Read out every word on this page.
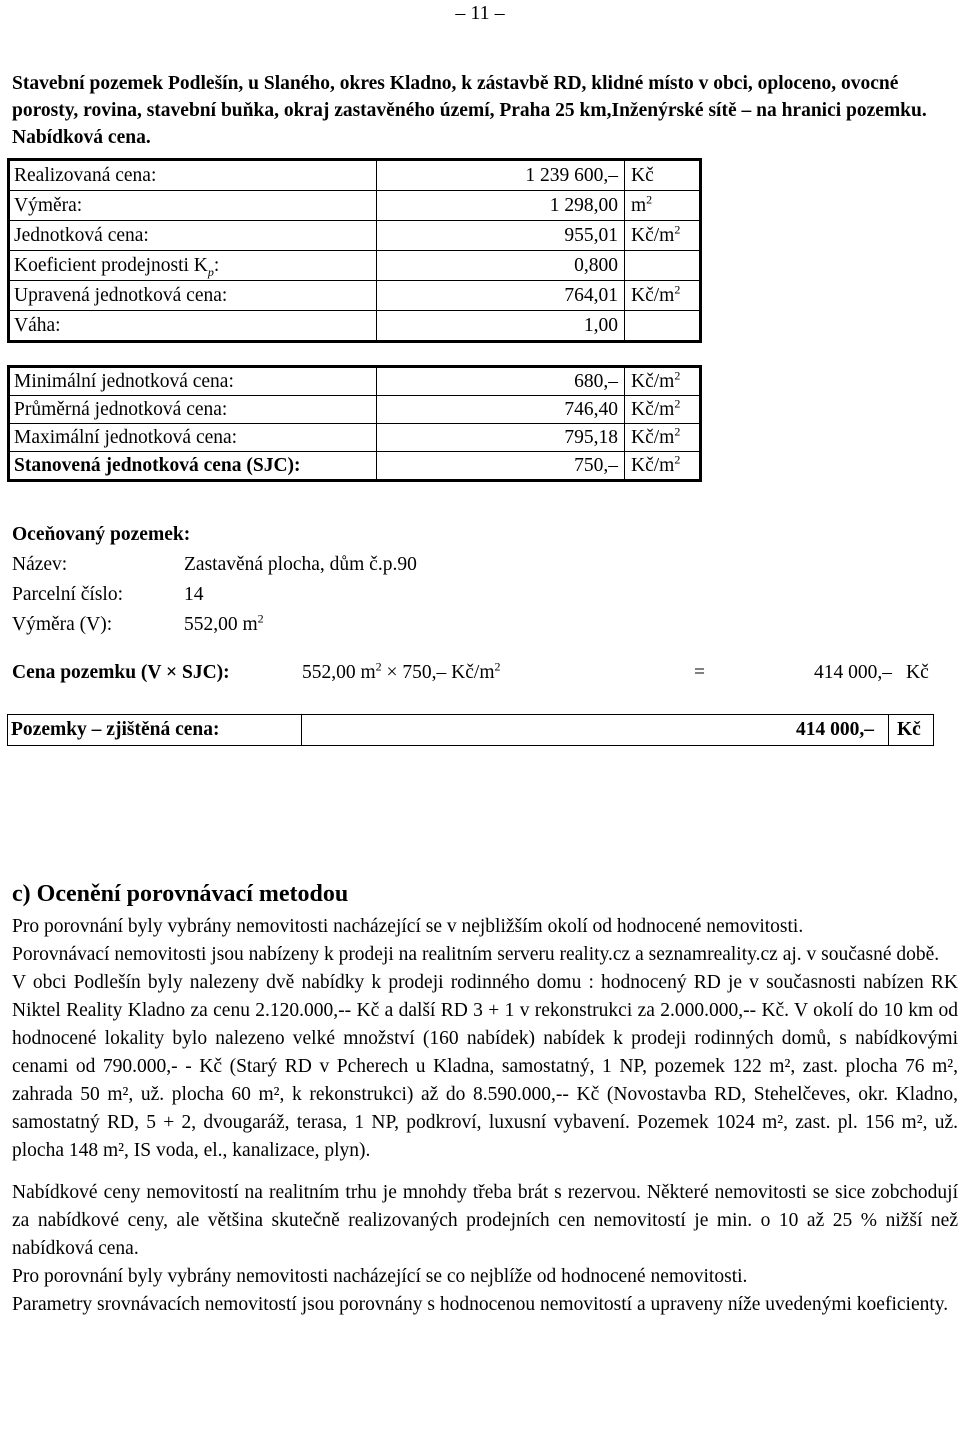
– 11 –
Stavební pozemek Podlešín, u Slaného, okres Kladno, k zástavbě RD, klidné místo v obci, oploceno, ovocné porosty, rovina, stavební buňka, okraj zastavěného území, Praha 25 km,Inženýrské sítě – na hranici pozemku. Nabídková cena.
Realizovaná cena:	1 239 600,–	Kč
Výměra:	1 298,00	$m^2$
Jednotková cena:	955,01	$Kč/m^2$
Koeficient prodejnosti $K_p$:	0,800	
Upravená jednotková cena:	764,01	$Kč/m^2$
Váha:	1,00	
Minimální jednotková cena:	680,–	$Kč/m^2$
Průměrná jednotková cena:	746,40	$Kč/m^2$
Maximální jednotková cena:	795,18	$Kč/m^2$
Stanovená jednotková cena (SJC):	750,–	$Kč/m^2$
Oceňovaný pozemek:
Název:	Zastavěná plocha, dům č.p.90
Parcelní číslo:	14
Výměra (V):	552,00 $m^2$
Cena pozemku (V × SJC):	552,00 $m^2 \times 750,-$ $Kč/m^2$	=	414 000,– Kč
Pozemky – zjištěná cena:	414 000,–	Kč
c) Ocenění porovnávací metodou

Pro porovnání byly vybrány nemovitosti nacházející se v nejbližším okolí od hodnocené nemovitosti.

Porovnávací nemovitosti jsou nabízeny k prodeji na realitním serveru reality.cz a seznamreality.cz aj. v současné době.

V obci Podlešín byly nalezeny dvě nabídky k prodeji rodinného domu : hodnocený RD je v současnosti nabízen RK Niktel Reality Kladno za cenu 2.120.000,-- Kč a další RD 3 + 1 v rekonstrukci za 2.000.000,-- Kč. V okolí do 10 km od hodnocené lokality bylo nalezeno velké množství (160 nabídek) nabídek k prodeji rodinných domů, s nabídkovými cenami od 790.000,- - Kč (Starý RD v Pcherech u Kladna, samostatný, 1 NP, pozemek 122 m², zast. plocha 76 m², zahrada 50 m², už. plocha 60 m², k rekonstrukci) až do 8.590.000,-- Kč (Novostavba RD, Stehelčeves, okr. Kladno, samostatný RD, 5 + 2, dvougaráž, terasa, 1 NP, podkroví, luxusní vybavení. Pozemek 1024 m², zast. pl. 156 m², už. plocha 148 m², IS voda, el., kanalizace, plyn).

Nabídkové ceny nemovitostí na realitním trhu je mnohdy třeba brát s rezervou. Některé nemovitosti se sice zobchodují za nabídkové ceny, ale většina skutečně realizovaných prodejních cen nemovitostí je min. o 10 až 25 % nižší než nabídková cena.

Pro porovnání byly vybrány nemovitosti nacházející se co nejblíže od hodnocené nemovitosti.

Parametry srovnávacích nemovitostí jsou porovnány s hodnocenou nemovitostí a upraveny níže uvedenými koeficienty.
